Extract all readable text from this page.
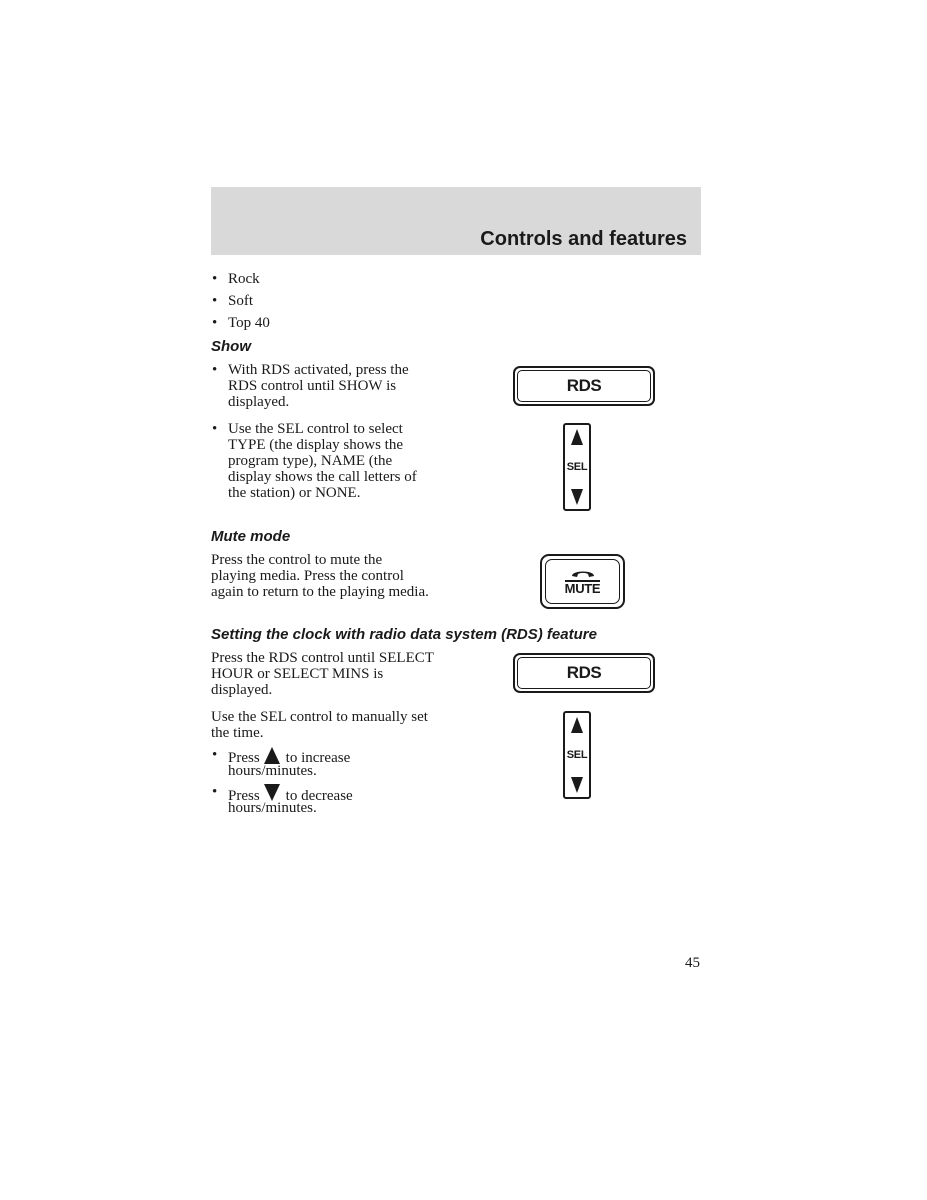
Controls and features
• Rock
• Soft
• Top 40
Show
• With RDS activated, press the
RDS control until SHOW is
displayed.
• Use the SEL control to select
TYPE (the display shows the
program type), NAME (the
display shows the call letters of
the station) or NONE.
RDS
SEL
Mute mode
Press the control to mute the
playing media. Press the control
again to return to the playing media.	MUTE
Setting the clock with radio data system (RDS) feature
Press the RDS control until SELECT
HOUR or SELECT MINS is
displayed.
Use the SEL control to manually set
the time.
• Press to increase
hours/minutes.
• Press to decrease
hours/minutes.
RDS
SEL
45
